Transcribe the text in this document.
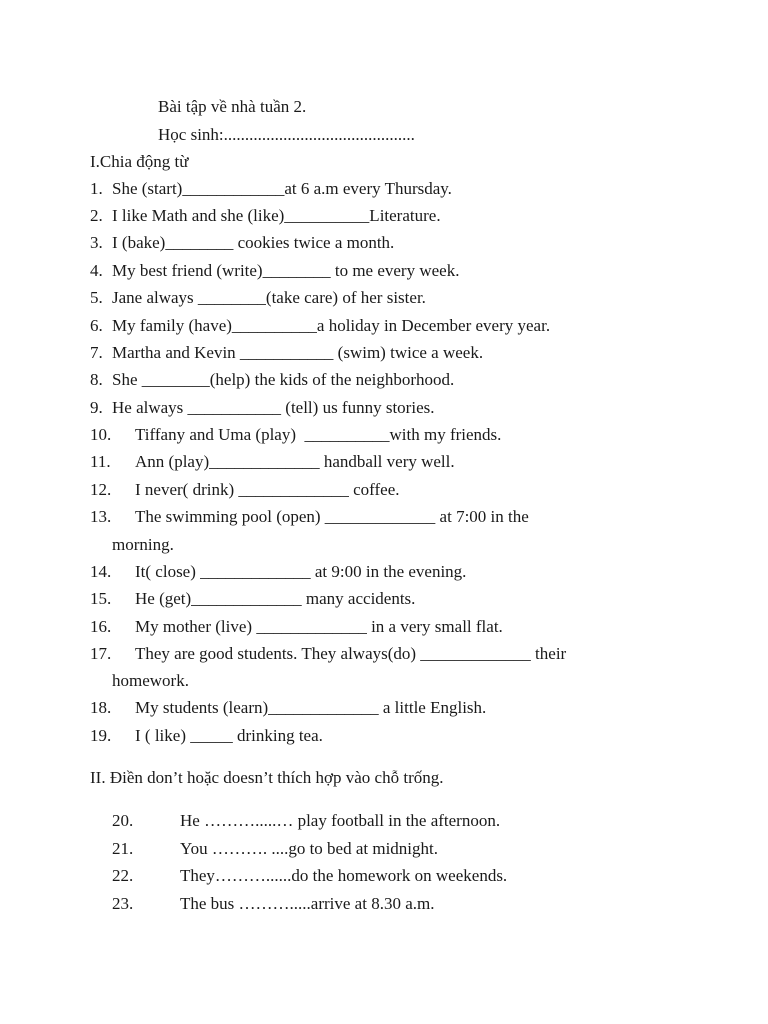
Bài tập về nhà tuần 2.
Học sinh:.............................................
I.Chia động từ
1. She (start)____________at 6 a.m every Thursday.
2. I like Math and she (like)__________Literature.
3. I (bake)________ cookies twice a month.
4. My best friend (write)________ to me every week.
5. Jane always ________(take care) of her sister.
6. My family (have)__________a holiday in December every year.
7. Martha and Kevin ___________ (swim) twice a week.
8. She ________(help) the kids of the neighborhood.
9. He always ___________ (tell) us funny stories.
10. Tiffany and Uma (play)  __________with my friends.
11. Ann (play)_____________ handball very well.
12. I never( drink) _____________ coffee.
13. The swimming pool (open) _____________ at 7:00 in the
morning.
14. It( close) _____________ at 9:00 in the evening.
15. He (get)_____________ many accidents.
16. My mother (live) _____________ in a very small flat.
17. They are good students. They always(do) _____________ their
homework.
18. My students (learn)_____________ a little English.
19. I ( like) _____ drinking tea.
II. Điền don’t hoặc doesn’t thích hợp vào chỗ trống.
20.	He ……….....… play football in the afternoon.
21.	You ………. ....go to bed at midnight.
22.	They………......do the homework on weekends.
23.	The bus ……….....arrive at 8.30 a.m.
